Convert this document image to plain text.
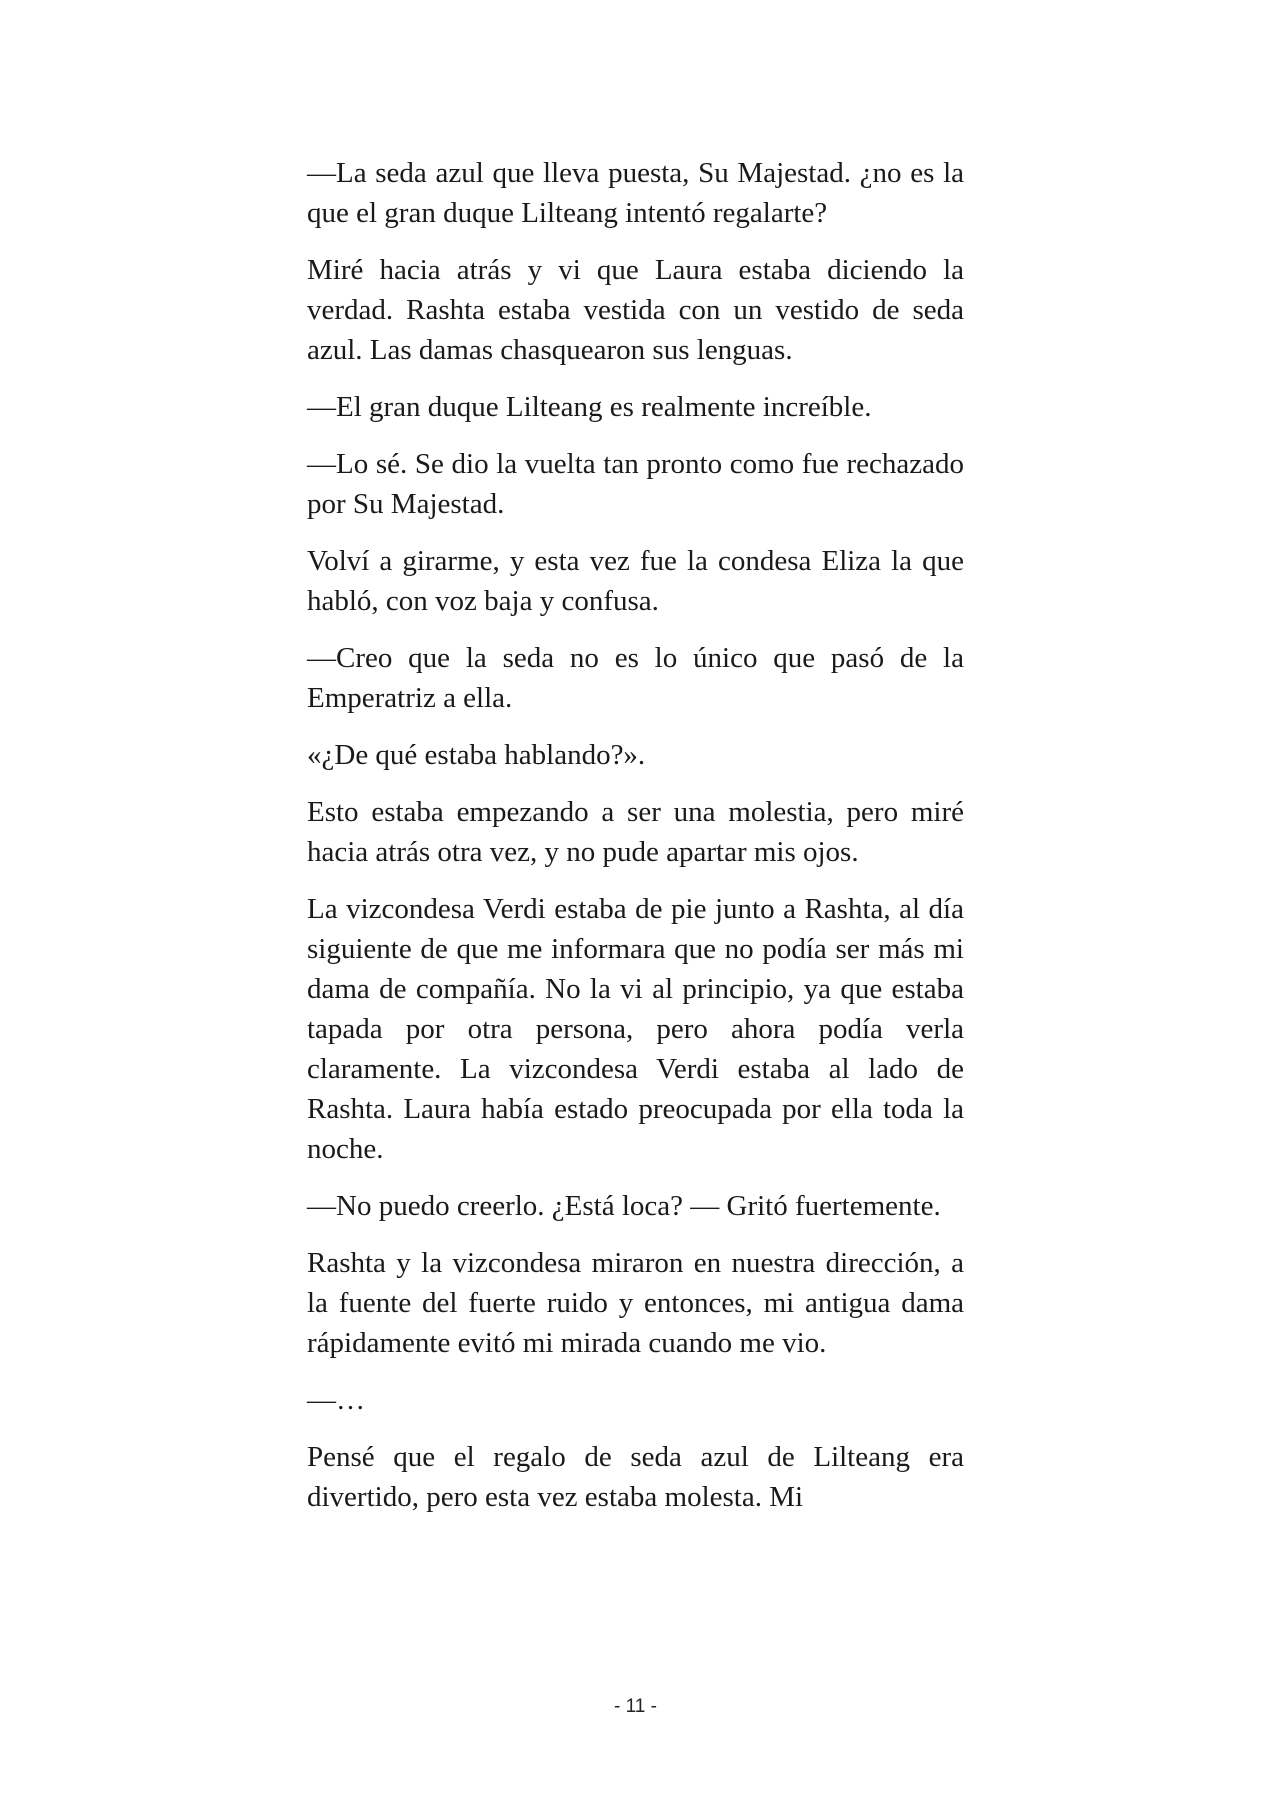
—La seda azul que lleva puesta, Su Majestad. ¿no es la que el gran duque Lilteang intentó regalarte?

Miré hacia atrás y vi que Laura estaba diciendo la verdad. Rashta estaba vestida con un vestido de seda azul. Las damas chasquearon sus lenguas.

—El gran duque Lilteang es realmente increíble.

—Lo sé. Se dio la vuelta tan pronto como fue rechazado por Su Majestad.

Volví a girarme, y esta vez fue la condesa Eliza la que habló, con voz baja y confusa.

—Creo que la seda no es lo único que pasó de la Emperatriz a ella.

«¿De qué estaba hablando?».

Esto estaba empezando a ser una molestia, pero miré hacia atrás otra vez, y no pude apartar mis ojos.

La vizcondesa Verdi estaba de pie junto a Rashta, al día siguiente de que me informara que no podía ser más mi dama de compañía. No la vi al principio, ya que estaba tapada por otra persona, pero ahora podía verla claramente. La vizcondesa Verdi estaba al lado de Rashta. Laura había estado preocupada por ella toda la noche.

—No puedo creerlo. ¿Está loca? — Gritó fuertemente.

Rashta y la vizcondesa miraron en nuestra dirección, a la fuente del fuerte ruido y entonces, mi antigua dama rápidamente evitó mi mirada cuando me vio.

—…

Pensé que el regalo de seda azul de Lilteang era divertido, pero esta vez estaba molesta. Mi

- 11 -
